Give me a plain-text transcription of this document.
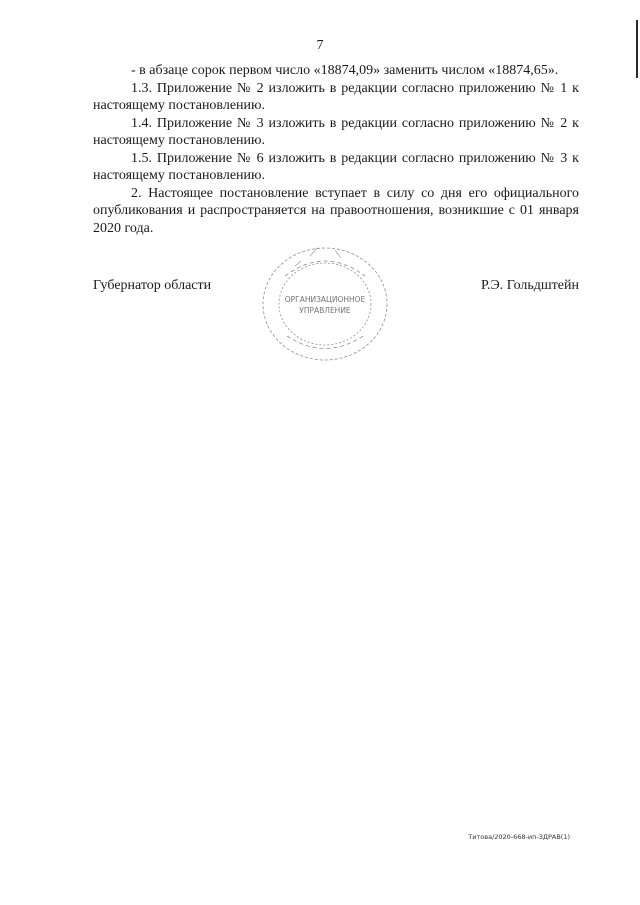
7

- в абзаце сорок первом число «18874,09» заменить числом «18874,65».

1.3. Приложение № 2 изложить в редакции согласно приложению № 1 к настоящему постановлению.

1.4. Приложение № 3 изложить в редакции согласно приложению № 2 к настоящему постановлению.

1.5. Приложение № 6 изложить в редакции согласно приложению № 3 к настоящему постановлению.

2. Настоящее постановление вступает в силу со дня его официального опубликования и распространяется на правоотношения, возникшие с 01 января 2020 года.

Губернатор области	Р.Э. Гольдштейн
ОРГАНИЗАЦИОННОЕ
УПРАВЛЕНИЕ
Титова/2020-668-ип-ЗДРАВ(1)
